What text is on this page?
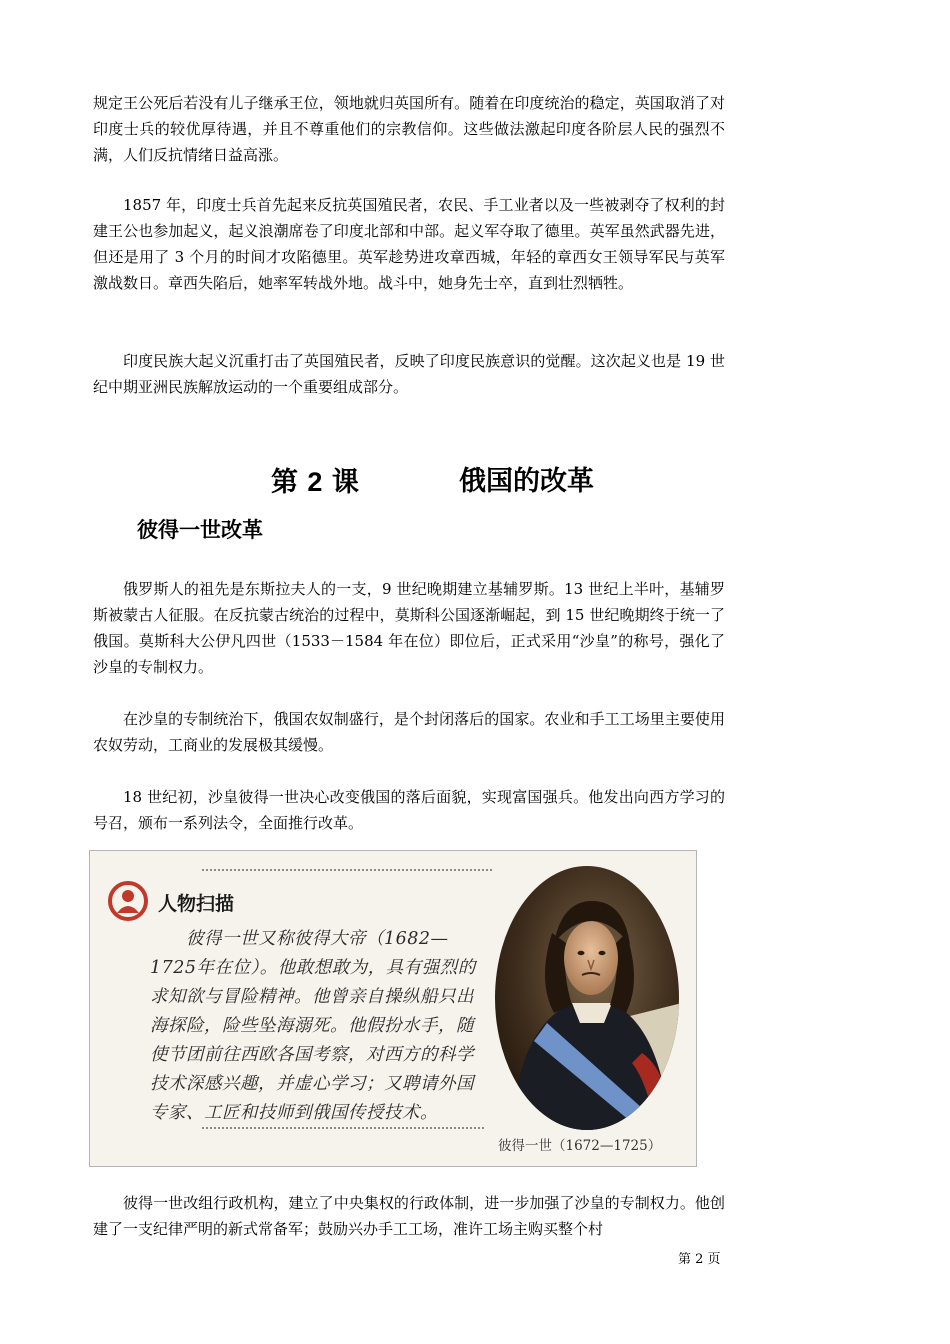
规定王公死后若没有儿子继承王位，领地就归英国所有。随着在印度统治的稳定，英国取消了对印度士兵的较优厚待遇，并且不尊重他们的宗教信仰。这些做法激起印度各阶层人民的强烈不满，人们反抗情绪日益高涨。

1857 年，印度士兵首先起来反抗英国殖民者，农民、手工业者以及一些被剥夺了权利的封建王公也参加起义，起义浪潮席卷了印度北部和中部。起义军夺取了德里。英军虽然武器先进，但还是用了 3 个月的时间才攻陷德里。英军趁势进攻章西城，年轻的章西女王领导军民与英军激战数日。章西失陷后，她率军转战外地。战斗中，她身先士卒，直到壮烈牺牲。

印度民族大起义沉重打击了英国殖民者，反映了印度民族意识的觉醒。这次起义也是 19 世纪中期亚洲民族解放运动的一个重要组成部分。

第 2 课	俄国的改革
彼得一世改革

俄罗斯人的祖先是东斯拉夫人的一支，9 世纪晚期建立基辅罗斯。13 世纪上半叶，基辅罗斯被蒙古人征服。在反抗蒙古统治的过程中，莫斯科公国逐渐崛起，到 15 世纪晚期终于统一了俄国。莫斯科大公伊凡四世（1533－1584 年在位）即位后，正式采用“沙皇”的称号，强化了沙皇的专制权力。

在沙皇的专制统治下，俄国农奴制盛行，是个封闭落后的国家。农业和手工工场里主要使用农奴劳动，工商业的发展极其缓慢。

18 世纪初，沙皇彼得一世决心改变俄国的落后面貌，实现富国强兵。他发出向西方学习的号召，颁布一系列法令，全面推行改革。

人物扫描

彼得一世又称彼得大帝（1682—1725年在位）。他敢想敢为，具有强烈的求知欲与冒险精神。他曾亲自操纵船只出海探险，险些坠海溺死。他假扮水手，随使节团前往西欧各国考察，对西方的科学技术深感兴趣，并虚心学习；又聘请外国专家、工匠和技师到俄国传授技术。

彼得一世（1672—1725）

彼得一世改组行政机构，建立了中央集权的行政体制，进一步加强了沙皇的专制权力。他创建了一支纪律严明的新式常备军；鼓励兴办手工工场，准许工场主购买整个村

第 2 页
